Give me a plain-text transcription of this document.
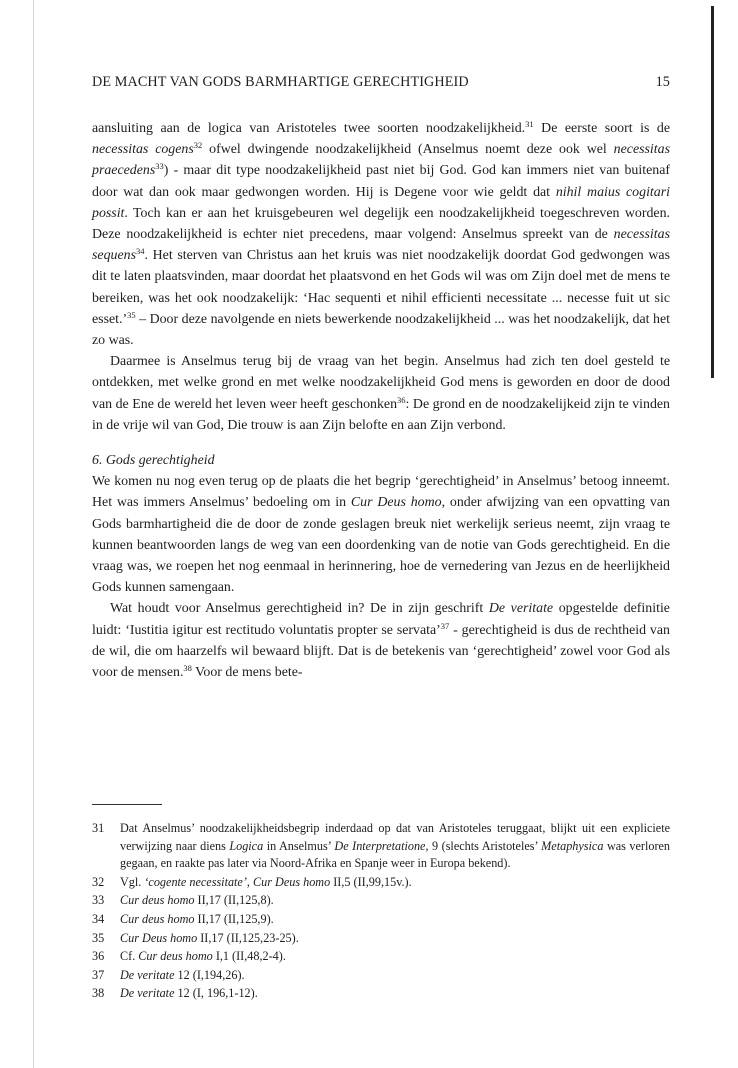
DE MACHT VAN GODS BARMHARTIGE GERECHTIGHEID	15

aansluiting aan de logica van Aristoteles twee soorten noodzakelijkheid.$^{31}$ De eerste soort is de necessitas cogens$^{32}$ ofwel dwingende noodzakelijkheid (Anselmus noemt deze ook wel necessitas praecedens$^{33}$) - maar dit type noodzakelijkheid past niet bij God. God kan immers niet van buitenaf door wat dan ook maar gedwongen worden. Hij is Degene voor wie geldt dat nihil maius cogitari possit. Toch kan er aan het kruisgebeuren wel degelijk een noodzakelijkheid toegeschreven worden. Deze noodzakelijkheid is echter niet precedens, maar volgend: Anselmus spreekt van de necessitas sequens$^{34}$. Het sterven van Christus aan het kruis was niet noodzakelijk doordat God gedwongen was dit te laten plaatsvinden, maar doordat het plaatsvond en het Gods wil was om Zijn doel met de mens te bereiken, was het ook noodzakelijk: ‘Hac sequenti et nihil efficienti necessitate ... necesse fuit ut sic esset.’$^{35}$ – Door deze navolgende en niets bewerkende noodzakelijkheid ... was het noodzakelijk, dat het zo was.

Daarmee is Anselmus terug bij de vraag van het begin. Anselmus had zich ten doel gesteld te ontdekken, met welke grond en met welke noodzakelijkheid God mens is geworden en door de dood van de Ene de wereld het leven weer heeft geschonken$^{36}$: De grond en de noodzakelijkeid zijn te vinden in de vrije wil van God, Die trouw is aan Zijn belofte en aan Zijn verbond.

6. Gods gerechtigheid

We komen nu nog even terug op de plaats die het begrip ‘gerechtigheid’ in Anselmus’ betoog inneemt. Het was immers Anselmus’ bedoeling om in Cur Deus homo, onder afwijzing van een opvatting van Gods barmhartigheid die de door de zonde geslagen breuk niet werkelijk serieus neemt, zijn vraag te kunnen beantwoorden langs de weg van een doordenking van de notie van Gods gerechtigheid. En die vraag was, we roepen het nog eenmaal in herinnering, hoe de vernedering van Jezus en de heerlijkheid Gods kunnen samengaan.

Wat houdt voor Anselmus gerechtigheid in? De in zijn geschrift De veritate opgestelde definitie luidt: ‘Iustitia igitur est rectitudo voluntatis propter se servata’$^{37}$ - gerechtigheid is dus de rechtheid van de wil, die om haarzelfs wil bewaard blijft. Dat is de betekenis van ‘gerechtigheid’ zowel voor God als voor de mensen.$^{38}$ Voor de mens bete-

31 Dat Anselmus’ noodzakelijkheidsbegrip inderdaad op dat van Aristoteles teruggaat, blijkt uit een expliciete verwijzing naar diens Logica in Anselmus’ De Interpretatione, 9 (slechts Aristoteles’ Metaphysica was verloren gegaan, en raakte pas later via Noord-Afrika en Spanje weer in Europa bekend).
32 Vgl. ‘cogente necessitate’, Cur Deus homo II,5 (II,99,15v.).
33 Cur deus homo II,17 (II,125,8).
34 Cur deus homo II,17 (II,125,9).
35 Cur Deus homo II,17 (II,125,23-25).
36 Cf. Cur deus homo I,1 (II,48,2-4).
37 De veritate 12 (I,194,26).
38 De veritate 12 (I, 196,1-12).
